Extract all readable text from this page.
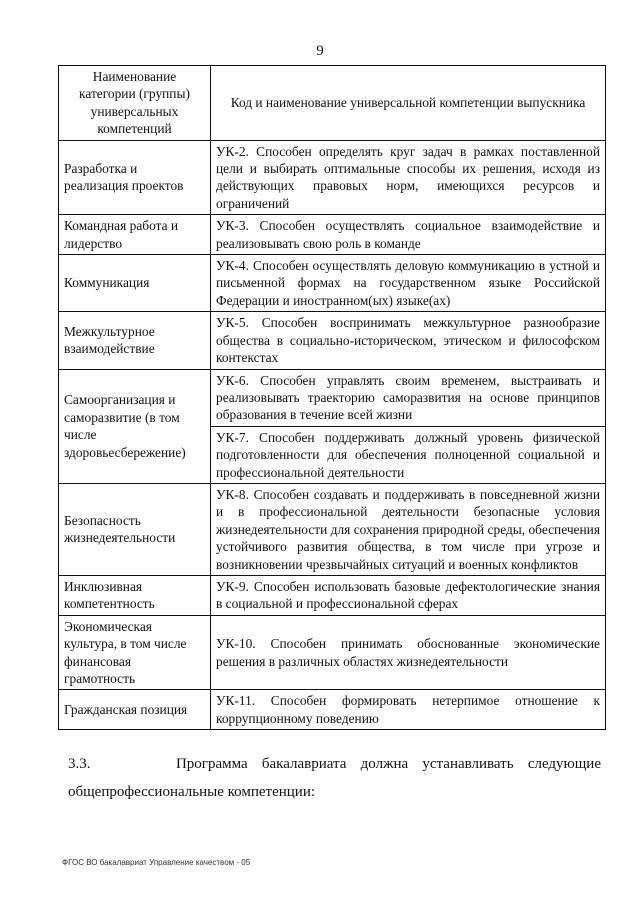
9
Наименование категории (группы) универсальных компетенций	Код и наименование универсальной компетенции выпускника
Разработка и реализация проектов	УК-2. Способен определять круг задач в рамках поставленной цели и выбирать оптимальные способы их решения, исходя из действующих правовых норм, имеющихся ресурсов и ограничений
Командная работа и лидерство	УК-3. Способен осуществлять социальное взаимодействие и реализовывать свою роль в команде
Коммуникация	УК-4. Способен осуществлять деловую коммуникацию в устной и письменной формах на государственном языке Российской Федерации и иностранном(ых) языке(ах)
Межкультурное взаимодействие	УК-5. Способен воспринимать межкультурное разнообразие общества в социально-историческом, этическом и философском контекстах
Самоорганизация и саморазвитие (в том числе здоровьесбережение)	УК-6. Способен управлять своим временем, выстраивать и реализовывать траекторию саморазвития на основе принципов образования в течение всей жизни
	УК-7. Способен поддерживать должный уровень физической подготовленности для обеспечения полноценной социальной и профессиональной деятельности
Безопасность жизнедеятельности	УК-8. Способен создавать и поддерживать в повседневной жизни и в профессиональной деятельности безопасные условия жизнедеятельности для сохранения природной среды, обеспечения устойчивого развития общества, в том числе при угрозе и возникновении чрезвычайных ситуаций и военных конфликтов
Инклюзивная компетентность	УК-9. Способен использовать базовые дефектологические знания в социальной и профессиональной сферах
Экономическая культура, в том числе финансовая грамотность	УК-10. Способен принимать обоснованные экономические решения в различных областях жизнедеятельности
Гражданская позиция	УК-11. Способен формировать нетерпимое отношение к коррупционному поведению
3.3.      Программа бакалавриата должна устанавливать следующие
общепрофессиональные компетенции:
ФГОС ВО бакалавриат Управление качеством - 05
